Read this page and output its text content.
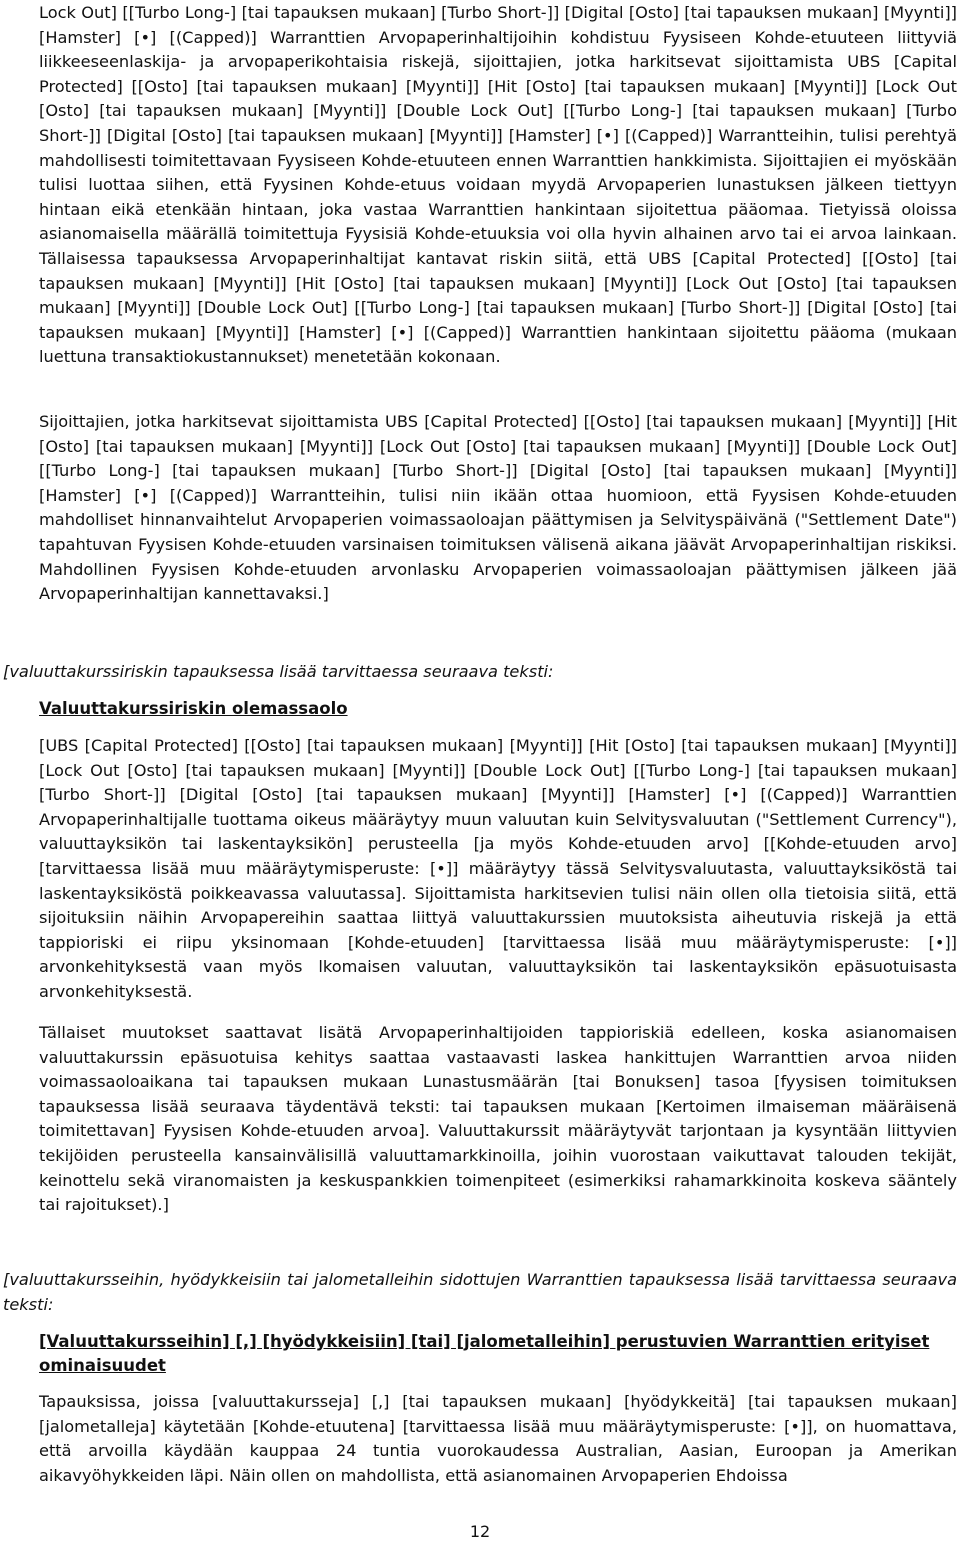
Lock Out] [[Turbo Long-] [tai tapauksen mukaan] [Turbo Short-]] [Digital [Osto] [tai tapauksen mukaan] [Myynti]] [Hamster] [•] [(Capped)] Warranttien Arvopaperinhaltijoihin kohdistuu Fyysiseen Kohde-etuuteen liittyviä liikkeeseenlaskija- ja arvopaperikohtaisia riskejä, sijoittajien, jotka harkitsevat sijoittamista UBS [Capital Protected] [[Osto] [tai tapauksen mukaan] [Myynti]] [Hit [Osto] [tai tapauksen mukaan] [Myynti]] [Lock Out [Osto] [tai tapauksen mukaan] [Myynti]] [Double Lock Out] [[Turbo Long-] [tai tapauksen mukaan] [Turbo Short-]] [Digital [Osto] [tai tapauksen mukaan] [Myynti]] [Hamster] [•] [(Capped)] Warrantteihin, tulisi perehtyä mahdollisesti toimitettavaan Fyysiseen Kohde-etuuteen ennen Warranttien hankkimista. Sijoittajien ei myöskään tulisi luottaa siihen, että Fyysinen Kohde-etuus voidaan myydä Arvopaperien lunastuksen jälkeen tiettyyn hintaan eikä etenkään hintaan, joka vastaa Warranttien hankintaan sijoitettua pääomaa. Tietyissä oloissa asianomaisella määrällä toimitettuja Fyysisiä Kohde-etuuksia voi olla hyvin alhainen arvo tai ei arvoa lainkaan. Tällaisessa tapauksessa Arvopaperinhaltijat kantavat riskin siitä, että UBS [Capital Protected] [[Osto] [tai tapauksen mukaan] [Myynti]] [Hit [Osto] [tai tapauksen mukaan] [Myynti]] [Lock Out [Osto] [tai tapauksen mukaan] [Myynti]] [Double Lock Out] [[Turbo Long-] [tai tapauksen mukaan] [Turbo Short-]] [Digital [Osto] [tai tapauksen mukaan] [Myynti]] [Hamster] [•] [(Capped)] Warranttien hankintaan sijoitettu pääoma (mukaan luettuna transaktiokustannukset) menetetään kokonaan.
Sijoittajien, jotka harkitsevat sijoittamista UBS [Capital Protected] [[Osto] [tai tapauksen mukaan] [Myynti]] [Hit [Osto] [tai tapauksen mukaan] [Myynti]] [Lock Out [Osto] [tai tapauksen mukaan] [Myynti]] [Double Lock Out] [[Turbo Long-] [tai tapauksen mukaan] [Turbo Short-]] [Digital [Osto] [tai tapauksen mukaan] [Myynti]] [Hamster] [•] [(Capped)] Warrantteihin, tulisi niin ikään ottaa huomioon, että Fyysisen Kohde-etuuden mahdolliset hinnanvaihtelut Arvopaperien voimassaoloajan päättymisen ja Selvityspäivänä ("Settlement Date") tapahtuvan Fyysisen Kohde-etuuden varsinaisen toimituksen välisenä aikana jäävät Arvopaperinhaltijan riskiksi. Mahdollinen Fyysisen Kohde-etuuden arvonlasku Arvopaperien voimassaoloajan päättymisen jälkeen jää Arvopaperinhaltijan kannettavaksi.]
[valuuttakurssiriskin tapauksessa lisää tarvittaessa seuraava teksti:
Valuuttakurssiriskin olemassaolo
[UBS [Capital Protected] [[Osto] [tai tapauksen mukaan] [Myynti]] [Hit [Osto] [tai tapauksen mukaan] [Myynti]] [Lock Out [Osto] [tai tapauksen mukaan] [Myynti]] [Double Lock Out] [[Turbo Long-] [tai tapauksen mukaan] [Turbo Short-]] [Digital [Osto] [tai tapauksen mukaan] [Myynti]] [Hamster] [•] [(Capped)] Warranttien Arvopaperinhaltijalle tuottama oikeus määräytyy muun valuutan kuin Selvitysvaluutan ("Settlement Currency"), valuuttayksikön tai laskentayksikön] perusteella [ja myös Kohde-etuuden arvo] [[Kohde-etuuden arvo] [tarvittaessa lisää muu määräytymisperuste: [•]] määräytyy tässä Selvitysvaluutasta, valuuttayksiköstä tai laskentayksiköstä poikkeavassa valuutassa]. Sijoittamista harkitsevien tulisi näin ollen olla tietoisia siitä, että sijoituksiin näihin Arvopapereihin saattaa liittyä valuuttakurssien muutoksista aiheutuvia riskejä ja että tappioriski ei riipu yksinomaan [Kohde-etuuden] [tarvittaessa lisää muu määräytymisperuste: [•]] arvonkehityksestä vaan myös lkomaisen valuutan, valuuttayksikön tai laskentayksikön epäsuotuisasta arvonkehityksestä.
Tällaiset muutokset saattavat lisätä Arvopaperinhaltijoiden tappioriskiä edelleen, koska asianomaisen valuuttakurssin epäsuotuisa kehitys saattaa vastaavasti laskea hankittujen Warranttien arvoa niiden voimassaoloaikana tai tapauksen mukaan Lunastusmäärän [tai Bonuksen] tasoa [fyysisen toimituksen tapauksessa lisää seuraava täydentävä teksti: tai tapauksen mukaan [Kertoimen ilmaiseman määräisenä toimitettavan] Fyysisen Kohde-etuuden arvoa]. Valuuttakurssit määräytyvät tarjontaan ja kysyntään liittyvien tekijöiden perusteella kansainvälisillä valuuttamarkkinoilla, joihin vuorostaan vaikuttavat talouden tekijät, keinottelu sekä viranomaisten ja keskuspankkien toimenpiteet (esimerkiksi rahamarkkinoita koskeva sääntely tai rajoitukset).]
[valuuttakursseihin, hyödykkeisiin tai jalometalleihin sidottujen Warranttien tapauksessa lisää tarvittaessa seuraava teksti:
[Valuuttakursseihin] [,] [hyödykkeisiin] [tai] [jalometalleihin] perustuvien Warranttien erityiset ominaisuudet
Tapauksissa, joissa [valuuttakursseja] [,] [tai tapauksen mukaan] [hyödykkeitä] [tai tapauksen mukaan] [jalometalleja] käytetään [Kohde-etuutena] [tarvittaessa lisää muu määräytymisperuste: [•]], on huomattava, että arvoilla käydään kauppaa 24 tuntia vuorokaudessa Australian, Aasian, Euroopan ja Amerikan aikavyöhykkeiden läpi. Näin ollen on mahdollista, että asianomainen Arvopaperien Ehdoissa
12
